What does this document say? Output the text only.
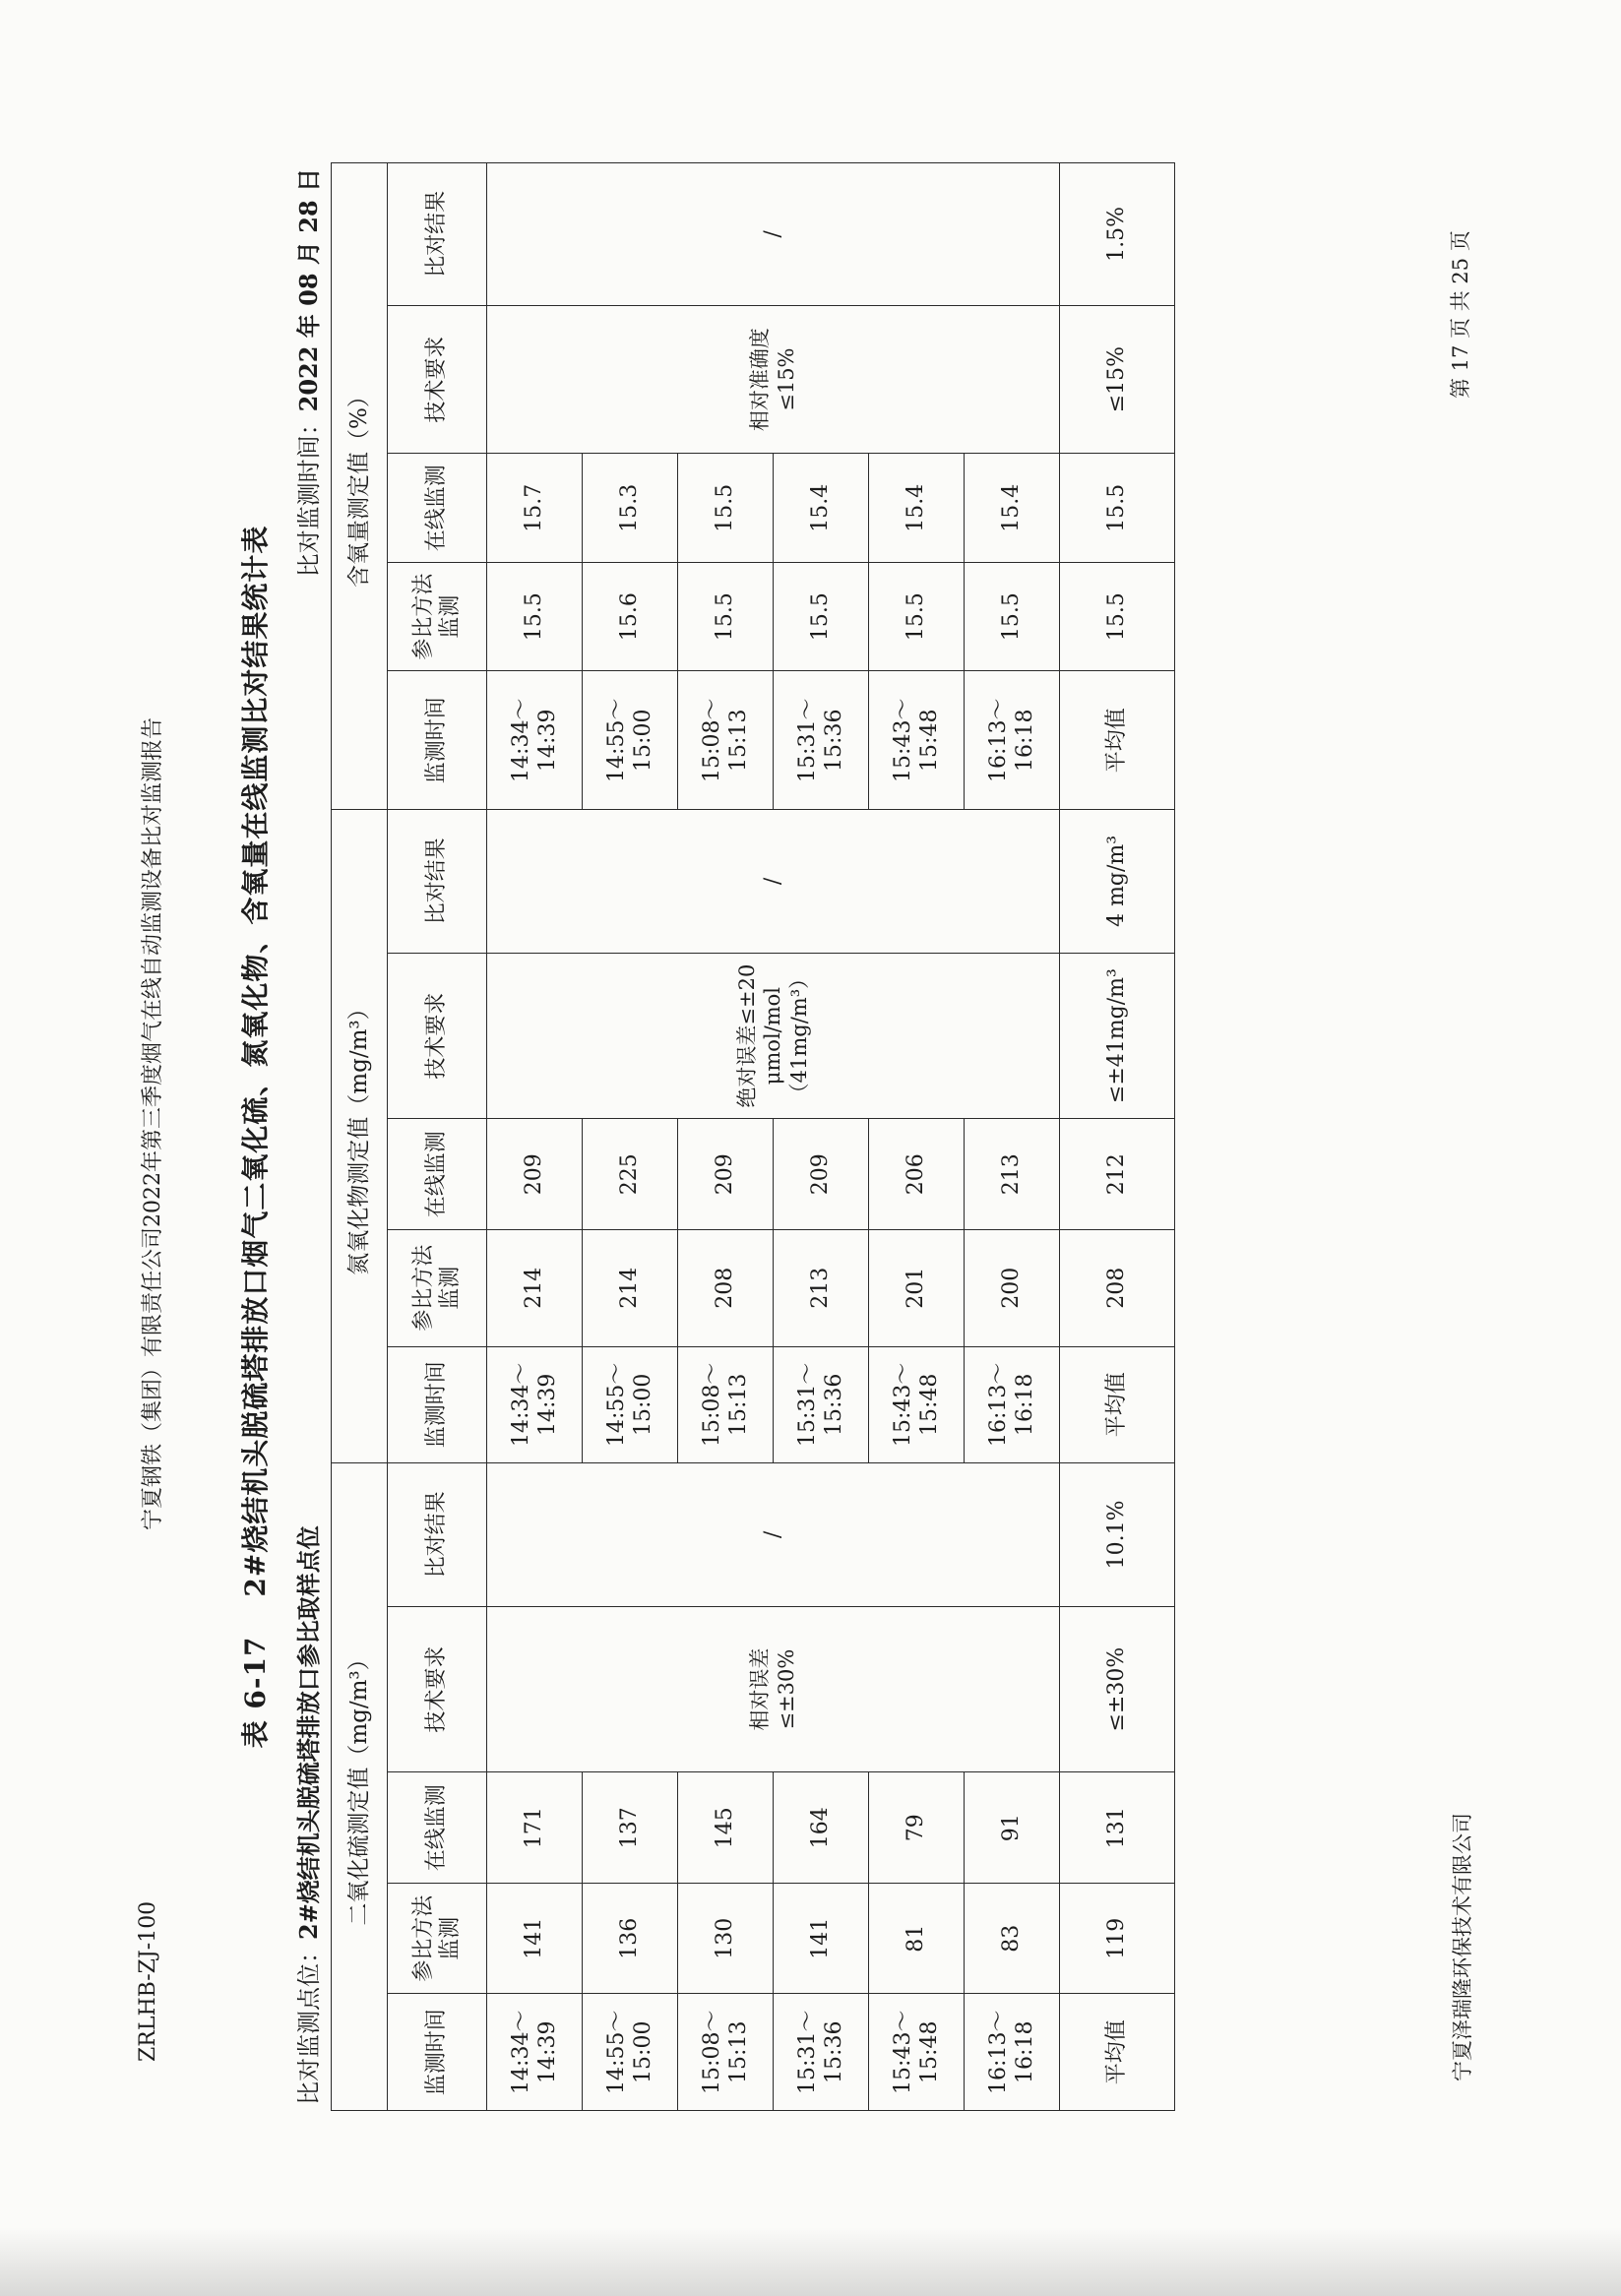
宁夏钢铁（集团）有限责任公司2022年第三季度烟气在线自动监测设备比对监测报告
ZRLHB-ZJ-100	宁夏泽瑞隆环保技术有限公司
第 17 页 共 25 页
表 6-17
2#烧结机头脱硫塔排放口烟气二氧化硫、氮氧化物、含氧量在线监测比对结果统计表
比对监测点位：2#烧结机头脱硫塔排放口参比取样点位
比对监测时间：2022 年 08 月 28 日
二氧化硫测定值（mg/m³）					氮氧化物测定值（mg/m³）					含氧量测定值（%）				
监测时间	参比方法监测	在线监测	技术要求	比对结果	监测时间	参比方法监测	在线监测	技术要求	比对结果	监测时间	参比方法监测	在线监测	技术要求	比对结果
14:34～14:39	141	171	相对误差≤±30%	/	14:34～14:39	214	209	绝对误差≤±20 μmol/mol（41mg/m³）	/	14:34～14:39	15.5	15.7	相对准确度≤15%	/
14:55～15:00	136	137			14:55～15:00	214	225			14:55～15:00	15.6	15.3		
15:08～15:13	130	145			15:08～15:13	208	209			15:08～15:13	15.5	15.5		
15:31～15:36	141	164			15:31～15:36	213	209			15:31～15:36	15.5	15.4		
15:43～15:48	81	79			15:43～15:48	201	206			15:43～15:48	15.5	15.4		
16:13～16:18	83	91			16:13～16:18	200	213			16:13～16:18	15.5	15.4		
平均值	119	131	≤±30%	10.1%	平均值	208	212	≤±41mg/m³	4 mg/m³	平均值	15.5	15.5	≤15%	1.5%
